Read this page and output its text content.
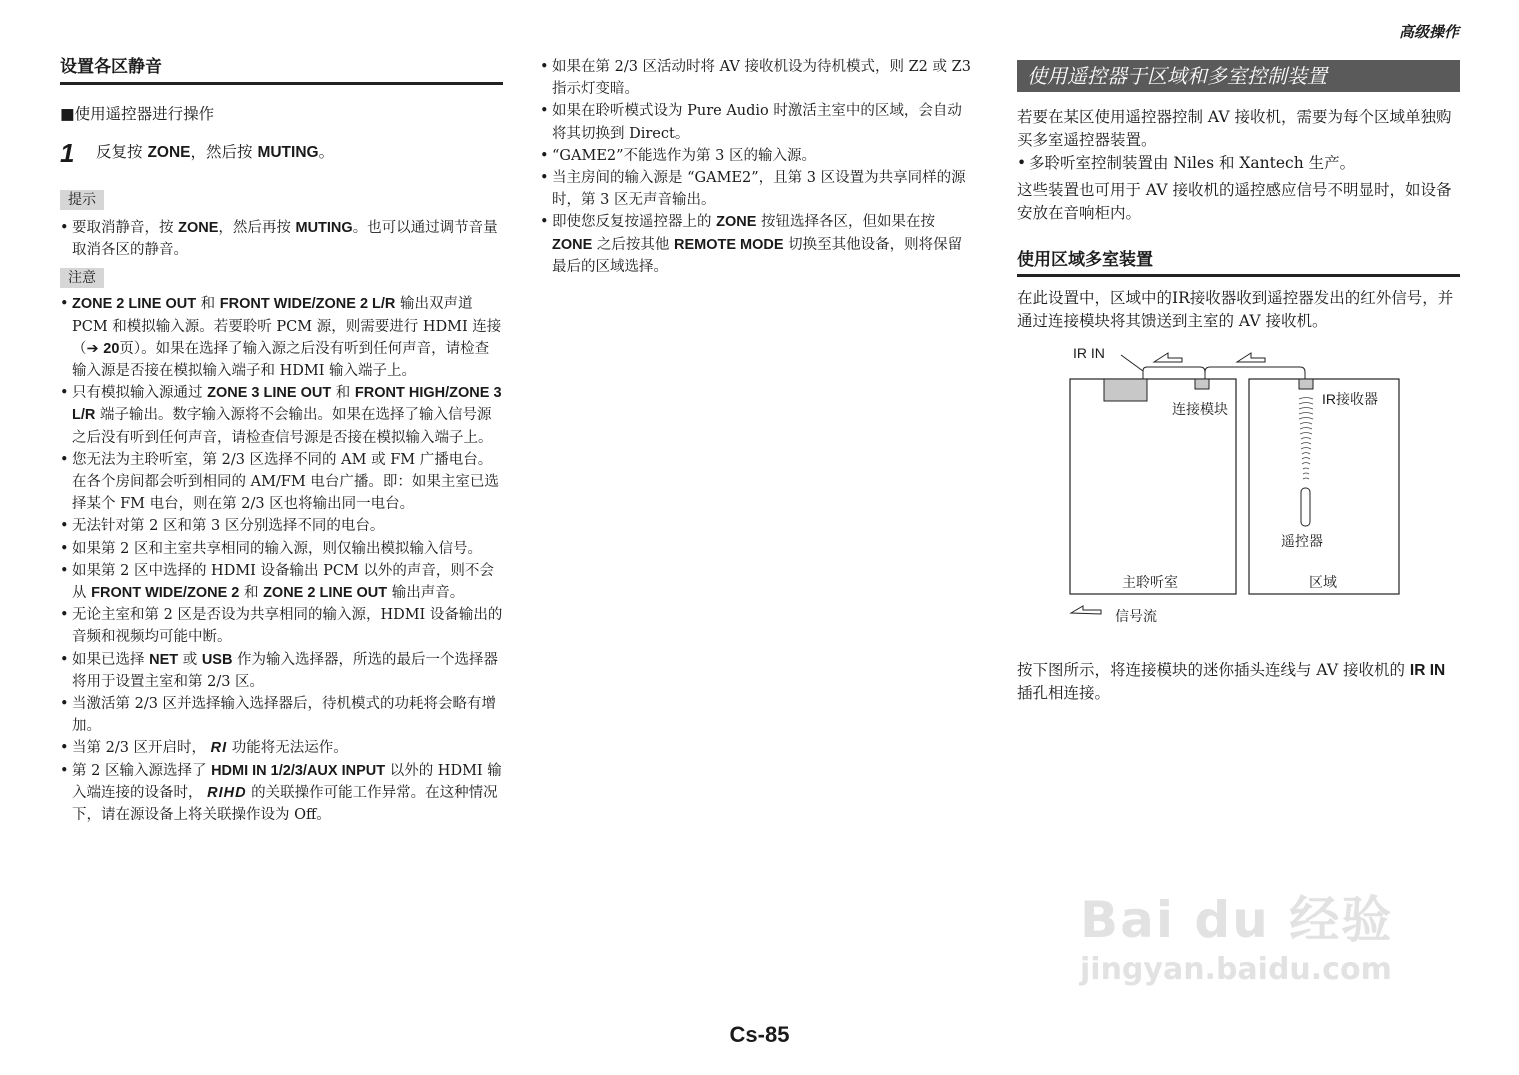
高级操作
设置各区静音
■使用遥控器进行操作
1	反复按 ZONE，然后按 MUTING。
提示
• 要取消静音，按 ZONE，然后再按 MUTING。也可以通过调节音量取消各区的静音。
注意
• ZONE 2 LINE OUT 和 FRONT WIDE/ZONE 2 L/R 输出双声道 PCM 和模拟输入源。若要聆听 PCM 源，则需要进行 HDMI 连接 （➔ 20页）。如果在选择了输入源之后没有听到任何声音，请检查输入源是否接在模拟输入端子和 HDMI 输入端子上。
• 只有模拟输入源通过 ZONE 3 LINE OUT 和 FRONT HIGH/ZONE 3 L/R 端子输出。数字输入源将不会输出。如果在选择了输入信号源之后没有听到任何声音，请检查信号源是否接在模拟输入端子上。
• 您无法为主聆听室，第 2/3 区选择不同的 AM 或 FM 广播电台。在各个房间都会听到相同的 AM/FM 电台广播。即：如果主室已选择某个 FM 电台，则在第 2/3 区也将输出同一电台。
• 无法针对第 2 区和第 3 区分别选择不同的电台。
• 如果第 2 区和主室共享相同的输入源，则仅输出模拟输入信号。
• 如果第 2 区中选择的 HDMI 设备输出 PCM 以外的声音，则不会从 FRONT WIDE/ZONE 2 和 ZONE 2 LINE OUT 输出声音。
• 无论主室和第 2 区是否设为共享相同的输入源，HDMI 设备输出的音频和视频均可能中断。
• 如果已选择 NET 或 USB 作为输入选择器，所选的最后一个选择器将用于设置主室和第 2/3 区。
• 当激活第 2/3 区并选择输入选择器后，待机模式的功耗将会略有增加。
• 当第 2/3 区开启时， RI 功能将无法运作。
• 第 2 区输入源选择了 HDMI IN 1/2/3/AUX INPUT 以外的 HDMI 输入端连接的设备时， RIHD 的关联操作可能工作异常。在这种情况下，请在源设备上将关联操作设为 Off。
• 如果在第 2/3 区活动时将 AV 接收机设为待机模式，则 Z2 或 Z3 指示灯变暗。
• 如果在聆听模式设为 Pure Audio 时激活主室中的区域，会自动将其切换到 Direct。
• “GAME2”不能选作为第 3 区的输入源。
• 当主房间的输入源是 “GAME2”，且第 3 区设置为共享同样的源时，第 3 区无声音输出。
• 即使您反复按遥控器上的 ZONE 按钮选择各区，但如果在按 ZONE 之后按其他 REMOTE MODE 切换至其他设备，则将保留最后的区域选择。
使用遥控器于区域和多室控制装置
若要在某区使用遥控器控制 AV 接收机，需要为每个区域单独购买多室遥控器装置。
• 多聆听室控制装置由 Niles 和 Xantech 生产。
这些装置也可用于 AV 接收机的遥控感应信号不明显时，如设备安放在音响柜内。
使用区域多室装置
在此设置中，区域中的IR接收器收到遥控器发出的红外信号，并通过连接模块将其馈送到主室的 AV 接收机。
IR IN
连接模块
IR接收器
遥控器
主聆听室	区域
信号流
按下图所示，将连接模块的迷你插头连线与 AV 接收机的 IR IN 插孔相连接。
Bai du 经验
jingyan.baidu.com
Cs-85
